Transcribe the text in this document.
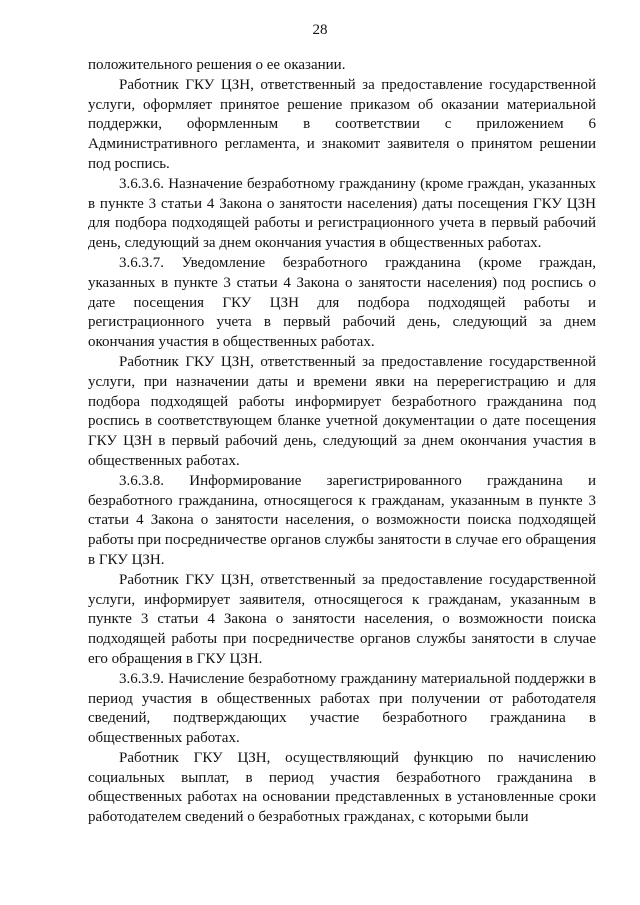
28

положительного решения о ее оказании.

Работник ГКУ ЦЗН, ответственный за предоставление государственной услуги, оформляет принятое решение приказом об оказании материальной поддержки, оформленным в соответствии с приложением 6 Административного регламента, и знакомит заявителя о принятом решении под роспись.

3.6.3.6. Назначение безработному гражданину (кроме граждан, указанных в пункте 3 статьи 4 Закона о занятости населения) даты посещения ГКУ ЦЗН для подбора подходящей работы и регистрационного учета в первый рабочий день, следующий за днем окончания участия в общественных работах.

3.6.3.7. Уведомление безработного гражданина (кроме граждан, указанных в пункте 3 статьи 4 Закона о занятости населения) под роспись о дате посещения ГКУ ЦЗН для подбора подходящей работы и регистрационного учета в первый рабочий день, следующий за днем окончания участия в общественных работах.

Работник ГКУ ЦЗН, ответственный за предоставление государственной услуги, при назначении даты и времени явки на перерегистрацию и для подбора подходящей работы информирует безработного гражданина под роспись в соответствующем бланке учетной документации о дате посещения ГКУ ЦЗН в первый рабочий день, следующий за днем окончания участия в общественных работах.

3.6.3.8. Информирование зарегистрированного гражданина и безработного гражданина, относящегося к гражданам, указанным в пункте 3 статьи 4 Закона о занятости населения, о возможности поиска подходящей работы при посредничестве органов службы занятости в случае его обращения в ГКУ ЦЗН.

Работник ГКУ ЦЗН, ответственный за предоставление государственной услуги, информирует заявителя, относящегося к гражданам, указанным в пункте 3 статьи 4 Закона о занятости населения, о возможности поиска подходящей работы при посредничестве органов службы занятости в случае его обращения в ГКУ ЦЗН.

3.6.3.9. Начисление безработному гражданину материальной поддержки в период участия в общественных работах при получении от работодателя сведений, подтверждающих участие безработного гражданина в общественных работах.

Работник ГКУ ЦЗН, осуществляющий функцию по начислению социальных выплат, в период участия безработного гражданина в общественных работах на основании представленных в установленные сроки работодателем сведений о безработных гражданах, с которыми были
